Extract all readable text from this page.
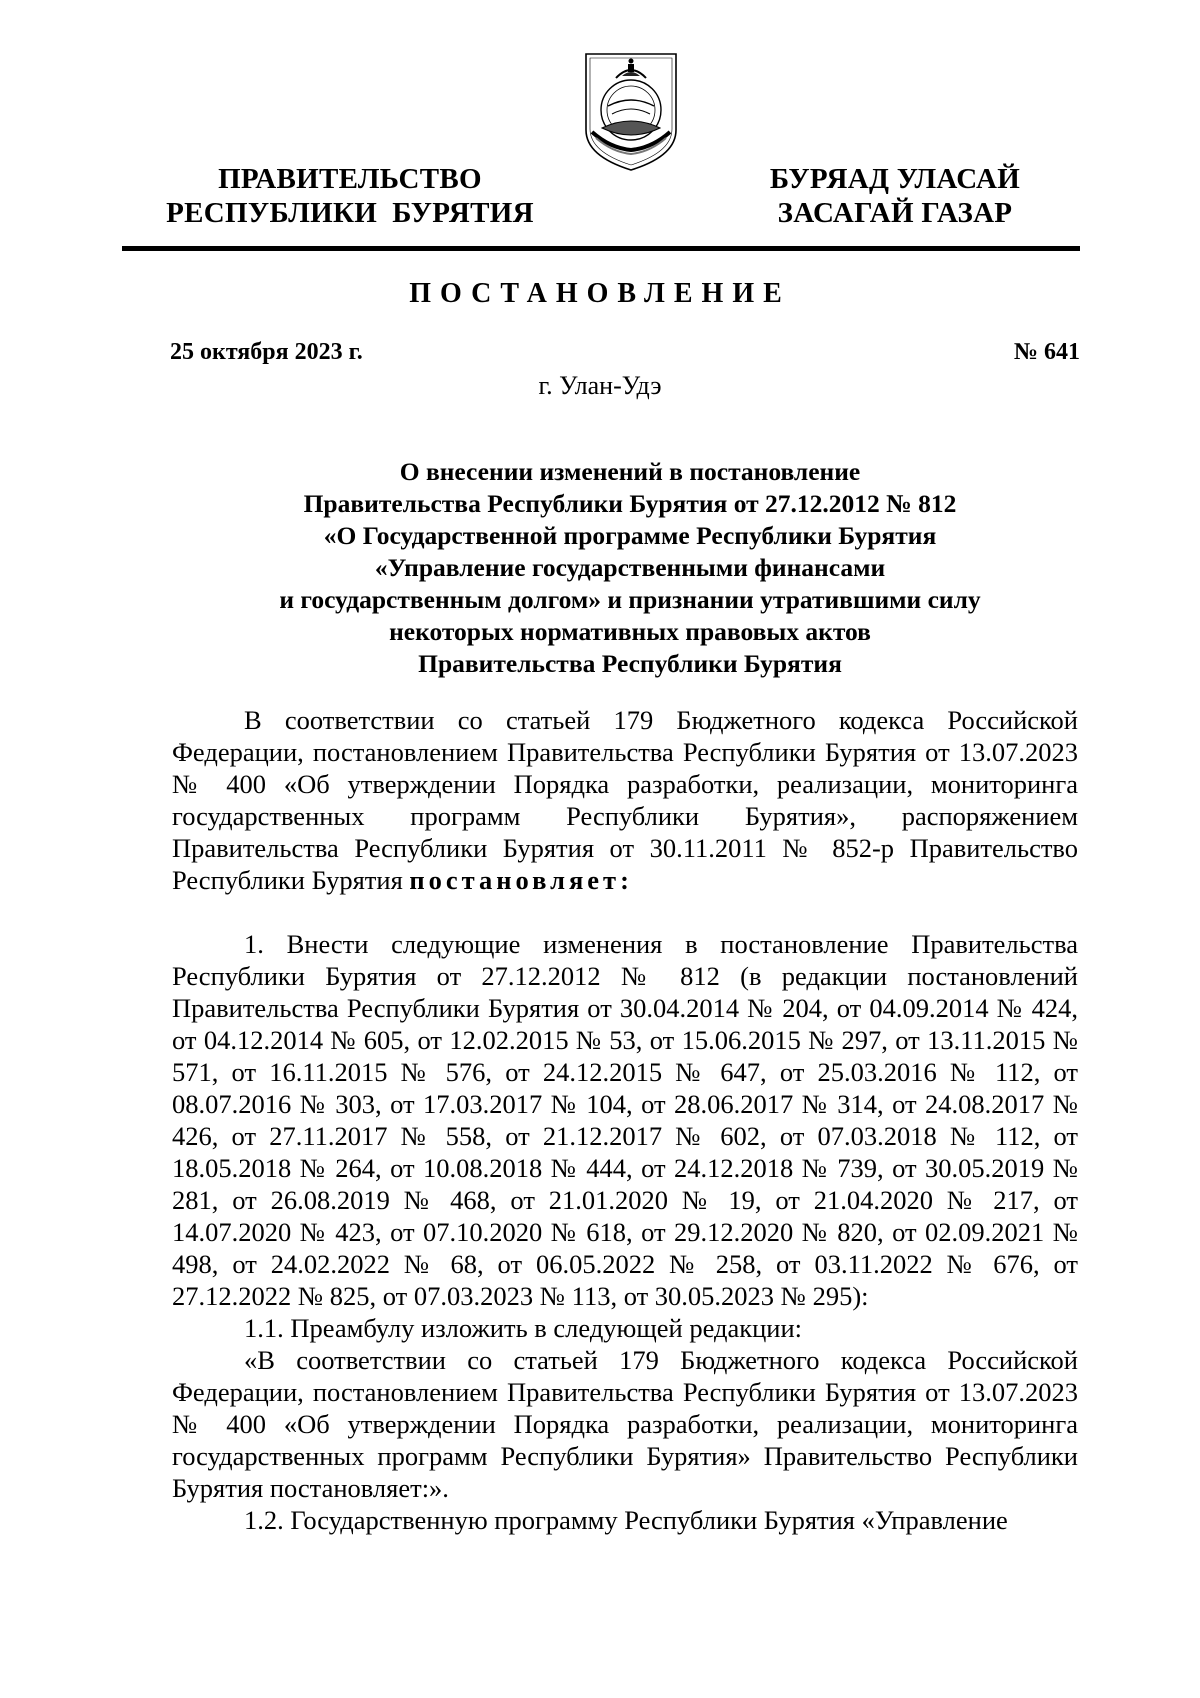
ПРАВИТЕЛЬСТВО
РЕСПУБЛИКИ  БУРЯТИЯ
БУРЯАД УЛАСАЙ
ЗАСАГАЙ ГАЗАР
ПОСТАНОВЛЕНИЕ
25 октября 2023 г.	№ 641
г. Улан-Удэ
О внесении изменений в постановление
Правительства Республики Бурятия от 27.12.2012 № 812
«О Государственной программе Республики Бурятия
«Управление государственными финансами
и государственным долгом» и признании утратившими силу
некоторых нормативных правовых актов
Правительства Республики Бурятия

В соответствии со статьей 179 Бюджетного кодекса Российской Федерации, постановлением Правительства Республики Бурятия от 13.07.2023 № 400 «Об утверждении Порядка разработки, реализации, мониторинга государственных программ Республики Бурятия», распоряжением Правительства Республики Бурятия от 30.11.2011 № 852-р Правительство Республики Бурятия постановляет:

1. Внести следующие изменения в постановление Правительства Республики Бурятия от 27.12.2012 № 812 (в редакции постановлений Правительства Республики Бурятия от 30.04.2014 № 204, от 04.09.2014 № 424, от 04.12.2014 № 605, от 12.02.2015 № 53, от 15.06.2015 № 297, от 13.11.2015 № 571, от 16.11.2015 № 576, от 24.12.2015 № 647, от 25.03.2016 № 112, от 08.07.2016 № 303, от 17.03.2017 № 104, от 28.06.2017 № 314, от 24.08.2017 № 426, от 27.11.2017 № 558, от 21.12.2017 № 602, от 07.03.2018 № 112, от 18.05.2018 № 264, от 10.08.2018 № 444, от 24.12.2018 № 739, от 30.05.2019 № 281, от 26.08.2019 № 468, от 21.01.2020 № 19, от 21.04.2020 № 217, от 14.07.2020 № 423, от 07.10.2020 № 618, от 29.12.2020 № 820, от 02.09.2021 № 498, от 24.02.2022 № 68, от 06.05.2022 № 258, от 03.11.2022 № 676, от 27.12.2022 № 825, от 07.03.2023 № 113, от 30.05.2023 № 295):

1.1. Преамбулу изложить в следующей редакции:

«В соответствии со статьей 179 Бюджетного кодекса Российской Федерации, постановлением Правительства Республики Бурятия от 13.07.2023 № 400 «Об утверждении Порядка разработки, реализации, мониторинга государственных программ Республики Бурятия» Правительство Республики Бурятия постановляет:».

1.2. Государственную программу Республики Бурятия «Управление
